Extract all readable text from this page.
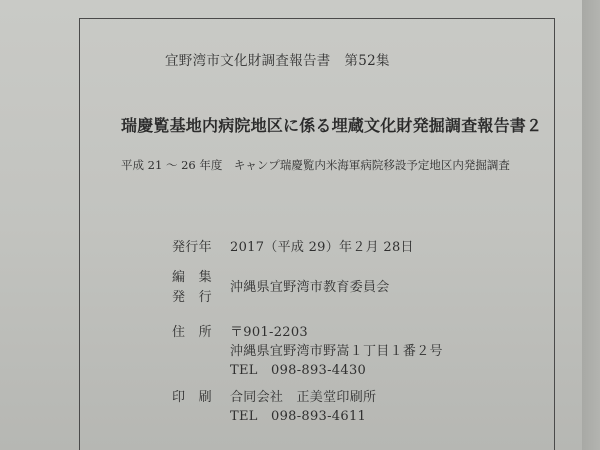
宜野湾市文化財調査報告書　第52集
瑞慶覧基地内病院地区に係る埋蔵文化財発掘調査報告書２
平成 21 ～ 26 年度　キャンプ瑞慶覧内米海軍病院移設予定地区内発掘調査
発行年 2017（平成 29）年２月 28日
編　集
発　行
沖縄県宜野湾市教育委員会
住　所 〒901-2203
沖縄県宜野湾市野嵩１丁目１番２号
TEL　098-893-4430
印　刷 合同会社　正美堂印刷所
TEL　098-893-4611
